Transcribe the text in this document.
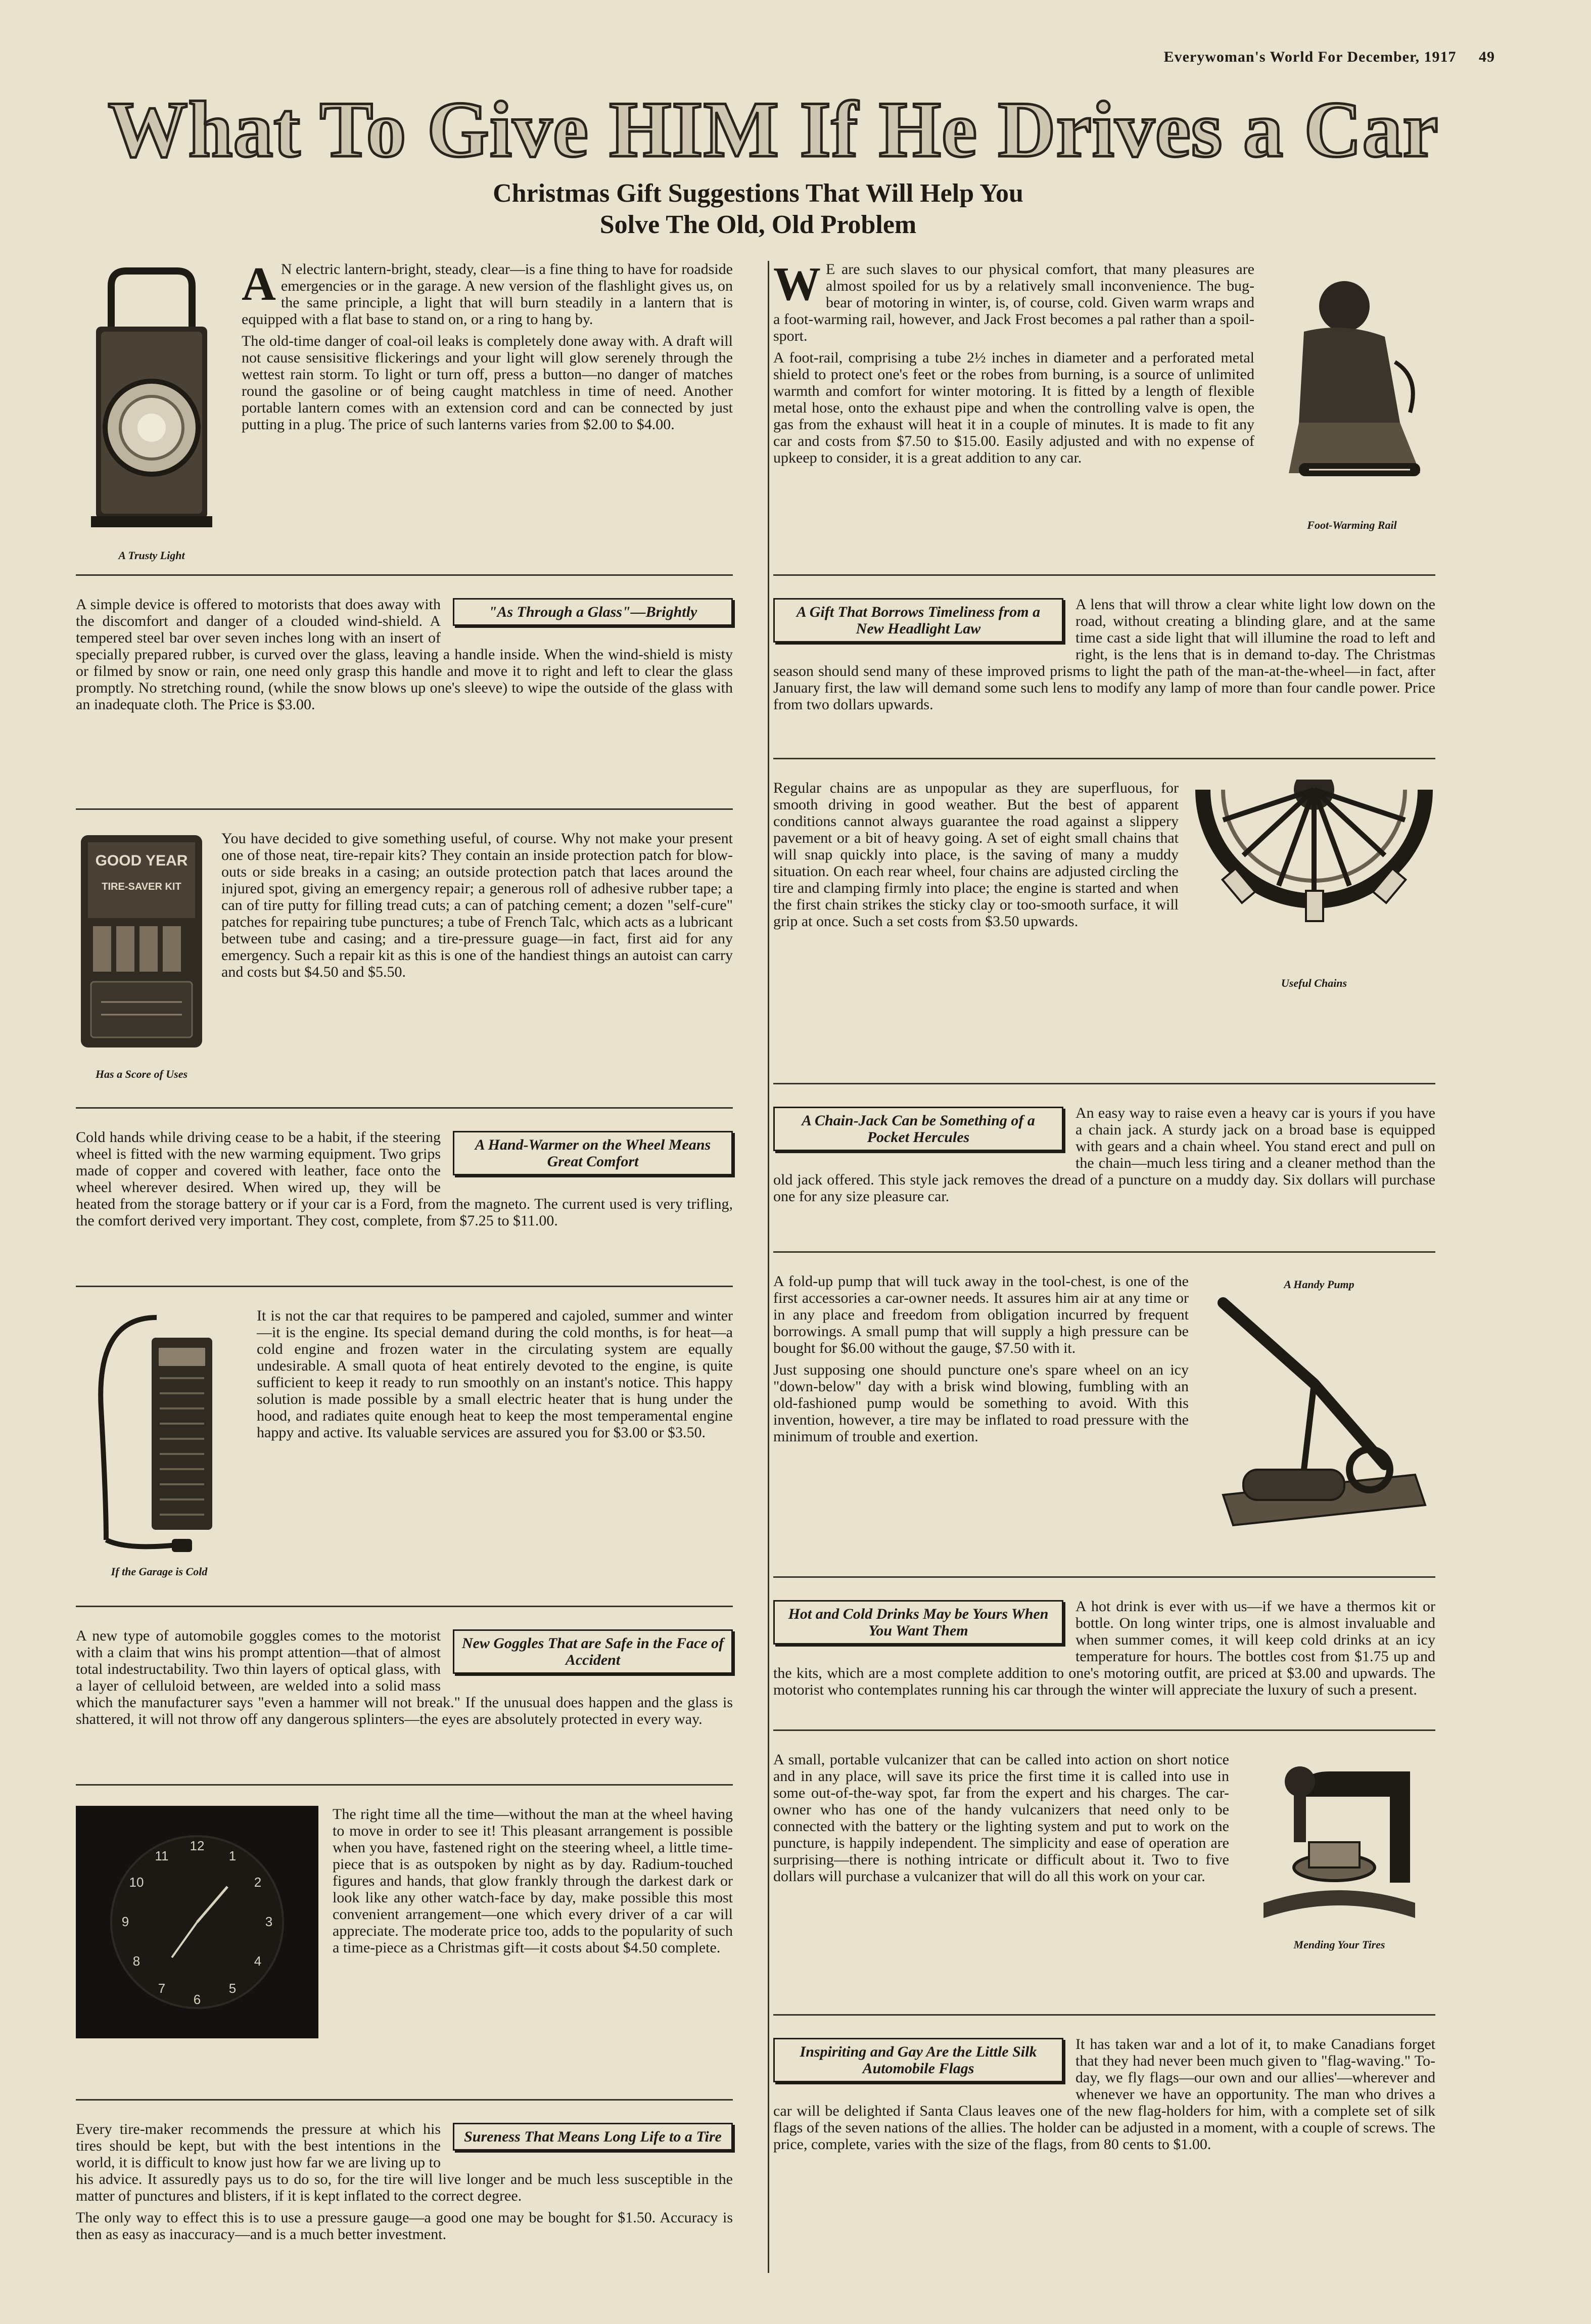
Everywoman's World For December, 1917 49
What To Give HIM If He Drives a Car
Christmas Gift Suggestions That Will Help You
Solve The Old, Old Problem
A Trusty Light

A N electric lantern-bright, steady, clear—is a fine thing to have for roadside emergencies or in the garage. A new version of the flashlight gives us, on the same principle, a light that will burn steadily in a lantern that is equipped with a flat base to stand on, or a ring to hang by.

The old-time danger of coal-oil leaks is completely done away with. A draft will not cause sensisitive flickerings and your light will glow serenely through the wettest rain storm. To light or turn off, press a button—no danger of matches round the gasoline or of being caught matchless in time of need. Another portable lantern comes with an extension cord and can be connected by just putting in a plug. The price of such lanterns varies from $2.00 to $4.00.

"As Through a Glass"—Brightly

A simple device is offered to motorists that does away with the discomfort and danger of a clouded wind-shield. A tempered steel bar over seven inches long with an insert of specially prepared rubber, is curved over the glass, leaving a handle inside. When the wind-shield is misty or filmed by snow or rain, one need only grasp this handle and move it to right and left to clear the glass promptly. No stretching round, (while the snow blows up one's sleeve) to wipe the outside of the glass with an inadequate cloth. The Price is $3.00.

GOOD YEAR
TIRE-SAVER KIT
Has a Score of Uses

You have decided to give something useful, of course. Why not make your present one of those neat, tire-repair kits? They contain an inside protection patch for blow-outs or side breaks in a casing; an outside protection patch that laces around the injured spot, giving an emergency repair; a generous roll of adhesive rubber tape; a can of tire putty for filling tread cuts; a can of patching cement; a dozen "self-cure" patches for repairing tube punctures; a tube of French Talc, which acts as a lubricant between tube and casing; and a tire-pressure guage—in fact, first aid for any emergency. Such a repair kit as this is one of the handiest things an autoist can carry and costs but $4.50 and $5.50.

A Hand-Warmer on the Wheel Means Great Comfort

Cold hands while driving cease to be a habit, if the steering wheel is fitted with the new warming equipment. Two grips made of copper and covered with leather, face onto the wheel wherever desired. When wired up, they will be heated from the storage battery or if your car is a Ford, from the magneto. The current used is very trifling, the comfort derived very important. They cost, complete, from $7.25 to $11.00.

If the Garage is Cold

It is not the car that requires to be pampered and cajoled, summer and winter—it is the engine. Its special demand during the cold months, is for heat—a cold engine and frozen water in the circulating system are equally undesirable. A small quota of heat entirely devoted to the engine, is quite sufficient to keep it ready to run smoothly on an instant's notice. This happy solution is made possible by a small electric heater that is hung under the hood, and radiates quite enough heat to keep the most temperamental engine happy and active. Its valuable services are assured you for $3.00 or $3.50.

New Goggles That are Safe in the Face of Accident

A new type of automobile goggles comes to the motorist with a claim that wins his prompt attention—that of almost total indestructability. Two thin layers of optical glass, with a layer of celluloid between, are welded into a solid mass which the manufacturer says "even a hammer will not break." If the unusual does happen and the glass is shattered, it will not throw off any dangerous splinters—the eyes are absolutely protected in every way.

12
1
2
3
4
5
6
7
8
9
10
11

The right time all the time—without the man at the wheel having to move in order to see it! This pleasant arrangement is possible when you have, fastened right on the steering wheel, a little time-piece that is as outspoken by night as by day. Radium-touched figures and hands, that glow frankly through the darkest dark or look like any other watch-face by day, make possible this most convenient arrangement—one which every driver of a car will appreciate. The moderate price too, adds to the popularity of such a time-piece as a Christmas gift—it costs about $4.50 complete.

Sureness That Means Long Life to a Tire

Every tire-maker recommends the pressure at which his tires should be kept, but with the best intentions in the world, it is difficult to know just how far we are living up to his advice. It assuredly pays us to do so, for the tire will live longer and be much less susceptible in the matter of punctures and blisters, if it is kept inflated to the correct degree.

The only way to effect this is to use a pressure gauge—a good one may be bought for $1.50. Accuracy is then as easy as inaccuracy—and is a much better investment.

Foot-Warming Rail

W E are such slaves to our physical comfort, that many pleasures are almost spoiled for us by a relatively small inconvenience. The bug-bear of motoring in winter, is, of course, cold. Given warm wraps and a foot-warming rail, however, and Jack Frost becomes a pal rather than a spoil-sport.

A foot-rail, comprising a tube 2½ inches in diameter and a perforated metal shield to protect one's feet or the robes from burning, is a source of unlimited warmth and comfort for winter motoring. It is fitted by a length of flexible metal hose, onto the exhaust pipe and when the controlling valve is open, the gas from the exhaust will heat it in a couple of minutes. It is made to fit any car and costs from $7.50 to $15.00. Easily adjusted and with no expense of upkeep to consider, it is a great addition to any car.

A Gift That Borrows Timeliness from a New Headlight Law

A lens that will throw a clear white light low down on the road, without creating a blinding glare, and at the same time cast a side light that will illumine the road to left and right, is the lens that is in demand to-day. The Christmas season should send many of these improved prisms to light the path of the man-at-the-wheel—in fact, after January first, the law will demand some such lens to modify any lamp of more than four candle power. Price from two dollars upwards.

Useful Chains

Regular chains are as unpopular as they are superfluous, for smooth driving in good weather. But the best of apparent conditions cannot always guarantee the road against a slippery pavement or a bit of heavy going. A set of eight small chains that will snap quickly into place, is the saving of many a muddy situation. On each rear wheel, four chains are adjusted circling the tire and clamping firmly into place; the engine is started and when the first chain strikes the sticky clay or too-smooth surface, it will grip at once. Such a set costs from $3.50 upwards.

A Chain-Jack Can be Something of a Pocket Hercules

An easy way to raise even a heavy car is yours if you have a chain jack. A sturdy jack on a broad base is equipped with gears and a chain wheel. You stand erect and pull on the chain—much less tiring and a cleaner method than the old jack offered. This style jack removes the dread of a puncture on a muddy day. Six dollars will purchase one for any size pleasure car.

A Handy Pump

A fold-up pump that will tuck away in the tool-chest, is one of the first accessories a car-owner needs. It assures him air at any time or in any place and freedom from obligation incurred by frequent borrowings. A small pump that will supply a high pressure can be bought for $6.00 without the gauge, $7.50 with it.

Just supposing one should puncture one's spare wheel on an icy "down-below" day with a brisk wind blowing, fumbling with an old-fashioned pump would be something to avoid. With this invention, however, a tire may be inflated to road pressure with the minimum of trouble and exertion.

Hot and Cold Drinks May be Yours When You Want Them

A hot drink is ever with us—if we have a thermos kit or bottle. On long winter trips, one is almost invaluable and when summer comes, it will keep cold drinks at an icy temperature for hours. The bottles cost from $1.75 up and the kits, which are a most complete addition to one's motoring outfit, are priced at $3.00 and upwards. The motorist who contemplates running his car through the winter will appreciate the luxury of such a present.

Mending Your Tires

A small, portable vulcanizer that can be called into action on short notice and in any place, will save its price the first time it is called into use in some out-of-the-way spot, far from the expert and his charges. The car-owner who has one of the handy vulcanizers that need only to be connected with the battery or the lighting system and put to work on the puncture, is happily independent. The simplicity and ease of operation are surprising—there is nothing intricate or difficult about it. Two to five dollars will purchase a vulcanizer that will do all this work on your car.

Inspiriting and Gay Are the Little Silk Automobile Flags

It has taken war and a lot of it, to make Canadians forget that they had never been much given to "flag-waving." To-day, we fly flags—our own and our allies'—wherever and whenever we have an opportunity. The man who drives a car will be delighted if Santa Claus leaves one of the new flag-holders for him, with a complete set of silk flags of the seven nations of the allies. The holder can be adjusted in a moment, with a couple of screws. The price, complete, varies with the size of the flags, from 80 cents to $1.00.
